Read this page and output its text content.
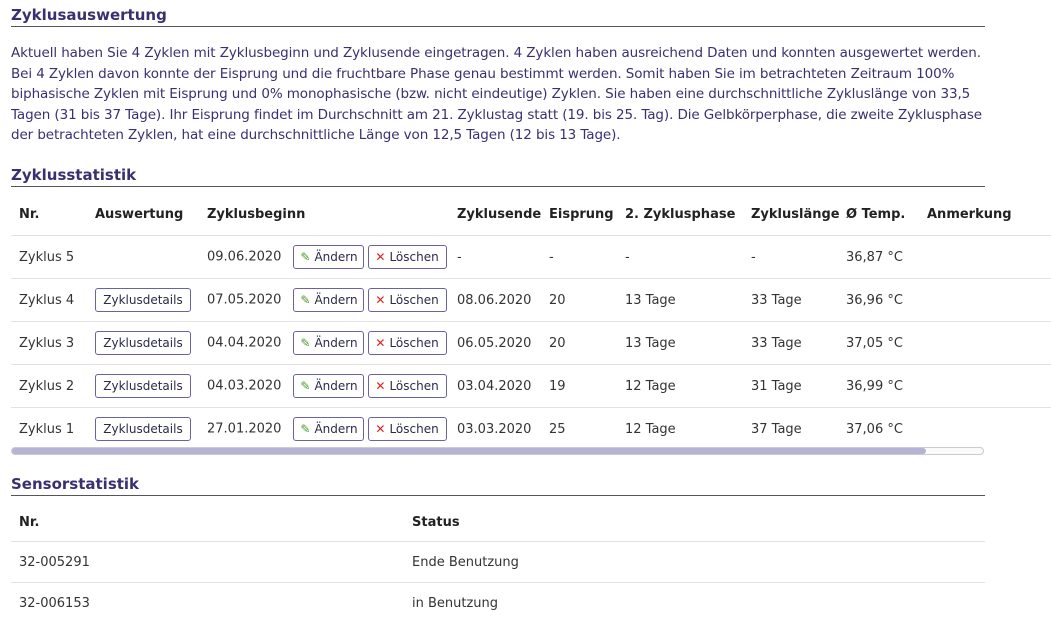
Zyklusauswertung

Aktuell haben Sie 4 Zyklen mit Zyklusbeginn und Zyklusende eingetragen. 4 Zyklen haben ausreichend Daten und konnten ausgewertet werden. Bei 4 Zyklen davon konnte der Eisprung und die fruchtbare Phase genau bestimmt werden. Somit haben Sie im betrachteten Zeitraum 100% biphasische Zyklen mit Eisprung und 0% monophasische (bzw. nicht eindeutige) Zyklen. Sie haben eine durchschnittliche Zykluslänge von 33,5 Tagen (31 bis 37 Tage). Ihr Eisprung findet im Durchschnitt am 21. Zyklustag statt (19. bis 25. Tag). Die Gelbkörperphase, die zweite Zyklusphase der betrachteten Zyklen, hat eine durchschnittliche Länge von 12,5 Tagen (12 bis 13 Tage).

Zyklusstatistik
Nr.	Auswertung	Zyklusbeginn	Zyklusende	Eisprung	2. Zyklusphase	Zykluslänge	Ø Temp.	Anmerkung
Zyklus 5		09.06.2020 ✎ Ändern ✕ Löschen	-	-	-	-	36,87 °C	
Zyklus 4	Zyklusdetails	07.05.2020 ✎ Ändern ✕ Löschen	08.06.2020	20	13 Tage	33 Tage	36,96 °C	
Zyklus 3	Zyklusdetails	04.04.2020 ✎ Ändern ✕ Löschen	06.05.2020	20	13 Tage	33 Tage	37,05 °C	
Zyklus 2	Zyklusdetails	04.03.2020 ✎ Ändern ✕ Löschen	03.04.2020	19	12 Tage	31 Tage	36,99 °C	
Zyklus 1	Zyklusdetails	27.01.2020 ✎ Ändern ✕ Löschen	03.03.2020	25	12 Tage	37 Tage	37,06 °C	
Sensorstatistik
Nr.	Status
32-005291	Ende Benutzung
32-006153	in Benutzung
